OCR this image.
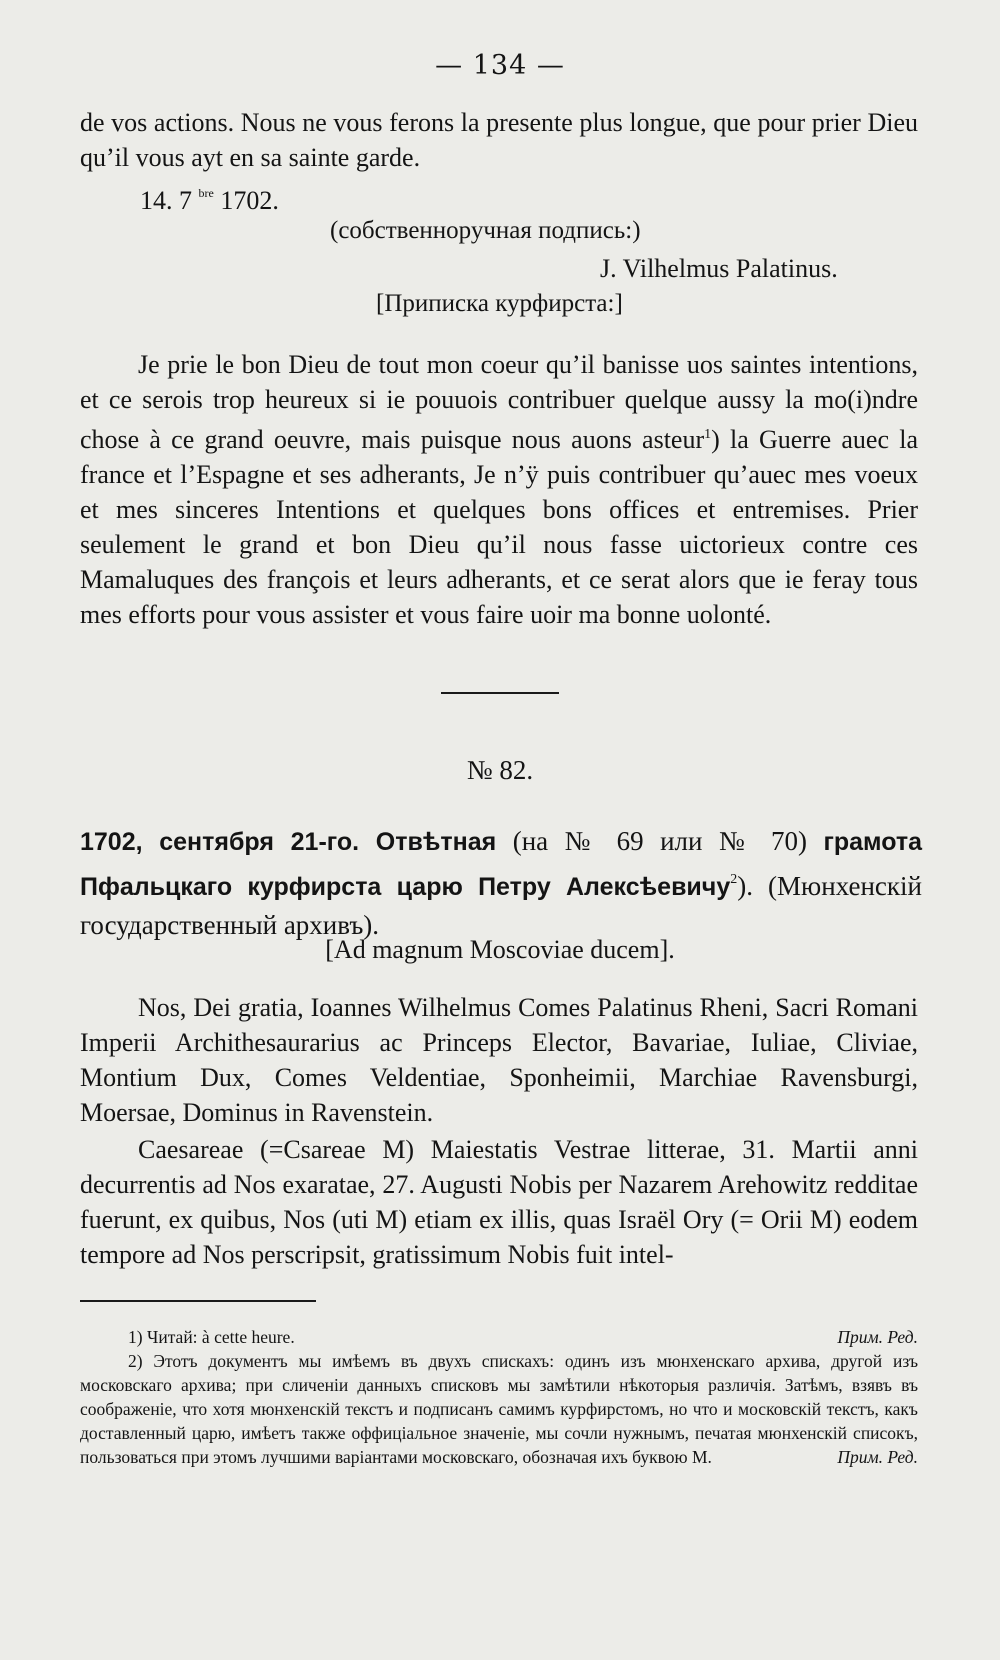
— 134 —

de vos actions. Nous ne vous ferons la presente plus longue, que pour prier Dieu qu’il vous ayt en sa sainte garde.

14. 7 $^{bre}$ 1702.
(собственноручная подпись:)
J. Vilhelmus Palatinus.
[Приписка курфирста:]

Je prie le bon Dieu de tout mon coeur qu’il banisse uos saintes intentions, et ce serois trop heureux si ie pouuois contribuer quelque aussy la mo(i)ndre chose à ce grand oeuvre, mais puisque nous auons asteur$^1$) la Guerre auec la france et l’Espagne et ses adherants, Je n’ÿ puis contribuer qu’auec mes voeux et mes sinceres Intentions et quelques bons offices et entremises. Prier seulement le grand et bon Dieu qu’il nous fasse uictorieux contre ces Mamaluques des françois et leurs adherants, et ce serat alors que ie feray tous mes efforts pour vous assister et vous faire uoir ma bonne uolonté.

№ 82.
1702, сентября 21-го. Отвѣтная (на № 69 или № 70) грамота Пфальцкаго курфирста царю Петру Алексѣевичу$^2$). (Мюнхенскій государственный архивъ).
[Ad magnum Moscoviae ducem].

Nos, Dei gratia, Ioannes Wilhelmus Comes Palatinus Rheni, Sacri Romani Imperii Archithesaurarius ac Princeps Elector, Bavariae, Iuliae, Cliviae, Montium Dux, Comes Veldentiae, Sponheimii, Marchiae Ravensburgi, Moersae, Dominus in Ravenstein.

Caesareae (=Csareae M) Maiestatis Vestrae litterae, 31. Martii anni decurrentis ad Nos exaratae, 27. Augusti Nobis per Nazarem Arehowitz redditae fuerunt, ex quibus, Nos (uti M) etiam ex illis, quas Israël Ory (= Orii M) eodem tempore ad Nos perscripsit, gratissimum Nobis fuit intel-

1) Читай: à cette heure.	Прим. Ред.

2) Этотъ документъ мы имѣемъ въ двухъ спискахъ: одинъ изъ мюнхенскаго архива, другой изъ московскаго архива; при сличеніи данныхъ списковъ мы замѣтили нѣкоторыя различія. Затѣмъ, взявъ въ соображеніе, что хотя мюнхенскій текстъ и подписанъ самимъ курфирстомъ, но что и московскій текстъ, какъ доставленный царю, имѣетъ также оффиціальное значеніе, мы сочли нужнымъ, печатая мюнхенскій списокъ, пользоваться при этомъ лучшими варіантами московскаго, обозначая ихъ буквою М.	Прим. Ред.
